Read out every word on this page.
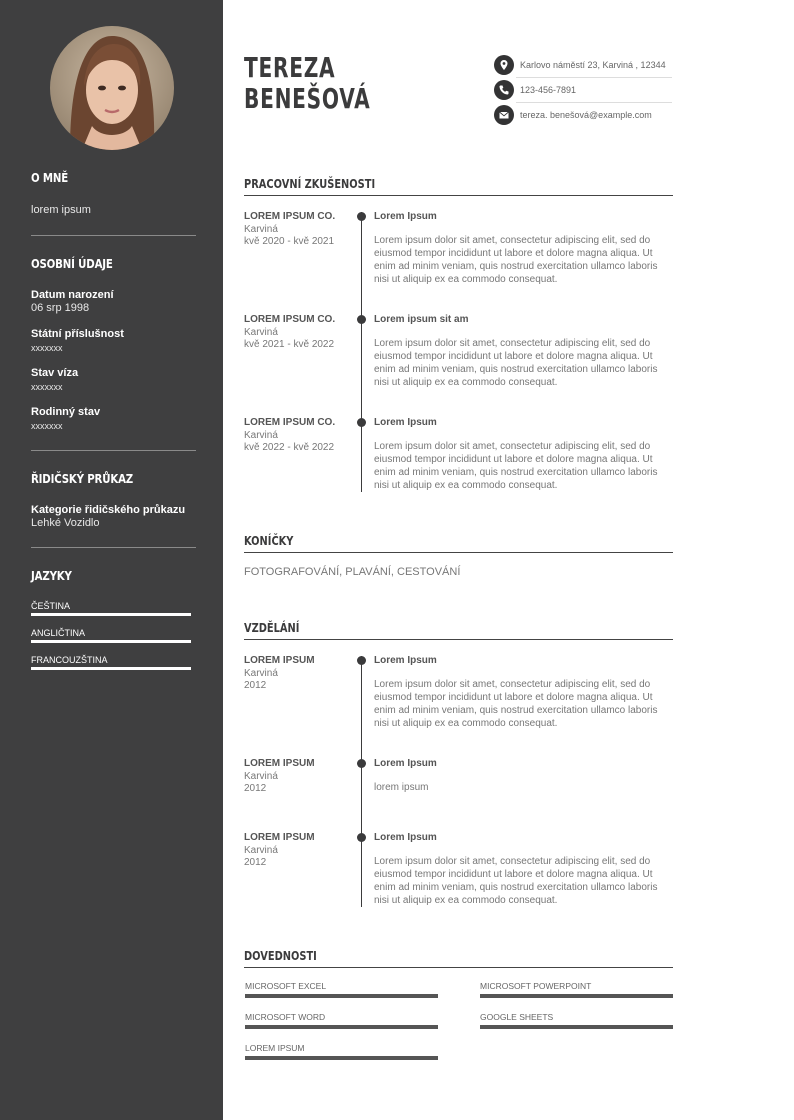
O MNĚ
lorem ipsum
OSOBNÍ ÚDAJE
Datum narození
06 srp 1998
Státní příslušnost
xxxxxxx
Stav víza
xxxxxxx
Rodinný stav
xxxxxxx
ŘIDIČSKÝ PRŮKAZ
Kategorie řidičského průkazu
Lehké Vozidlo
JAZYKY
ČEŠTINA
ANGLIČTINA
FRANCOUZŠTINA
TEREZA
BENEŠOVÁ
Karlovo náměstí 23, Karviná , 12344
123-456-7891
tereza. benešová@example.com
PRACOVNÍ ZKUŠENOSTI
LOREM IPSUM CO.
Karviná
kvě 2020 - kvě 2021
Lorem Ipsum
Lorem ipsum dolor sit amet, consectetur adipiscing elit, sed do eiusmod tempor incididunt ut labore et dolore magna aliqua. Ut enim ad minim veniam, quis nostrud exercitation ullamco laboris nisi ut aliquip ex ea commodo consequat.
LOREM IPSUM CO.
Karviná
kvě 2021 - kvě 2022
Lorem ipsum sit am
Lorem ipsum dolor sit amet, consectetur adipiscing elit, sed do eiusmod tempor incididunt ut labore et dolore magna aliqua. Ut enim ad minim veniam, quis nostrud exercitation ullamco laboris nisi ut aliquip ex ea commodo consequat.
LOREM IPSUM CO.
Karviná
kvě 2022 - kvě 2022
Lorem Ipsum
Lorem ipsum dolor sit amet, consectetur adipiscing elit, sed do eiusmod tempor incididunt ut labore et dolore magna aliqua. Ut enim ad minim veniam, quis nostrud exercitation ullamco laboris nisi ut aliquip ex ea commodo consequat.
KONÍČKY
FOTOGRAFOVÁNÍ, PLAVÁNÍ, CESTOVÁNÍ
VZDĚLÁNÍ
LOREM IPSUM
Karviná
2012
Lorem Ipsum
Lorem ipsum dolor sit amet, consectetur adipiscing elit, sed do eiusmod tempor incididunt ut labore et dolore magna aliqua. Ut enim ad minim veniam, quis nostrud exercitation ullamco laboris nisi ut aliquip ex ea commodo consequat.
LOREM IPSUM
Karviná
2012
Lorem Ipsum
lorem ipsum
LOREM IPSUM
Karviná
2012
Lorem Ipsum
Lorem ipsum dolor sit amet, consectetur adipiscing elit, sed do eiusmod tempor incididunt ut labore et dolore magna aliqua. Ut enim ad minim veniam, quis nostrud exercitation ullamco laboris nisi ut aliquip ex ea commodo consequat.
DOVEDNOSTI
MICROSOFT EXCEL	MICROSOFT POWERPOINT
MICROSOFT WORD	GOOGLE SHEETS
LOREM IPSUM
